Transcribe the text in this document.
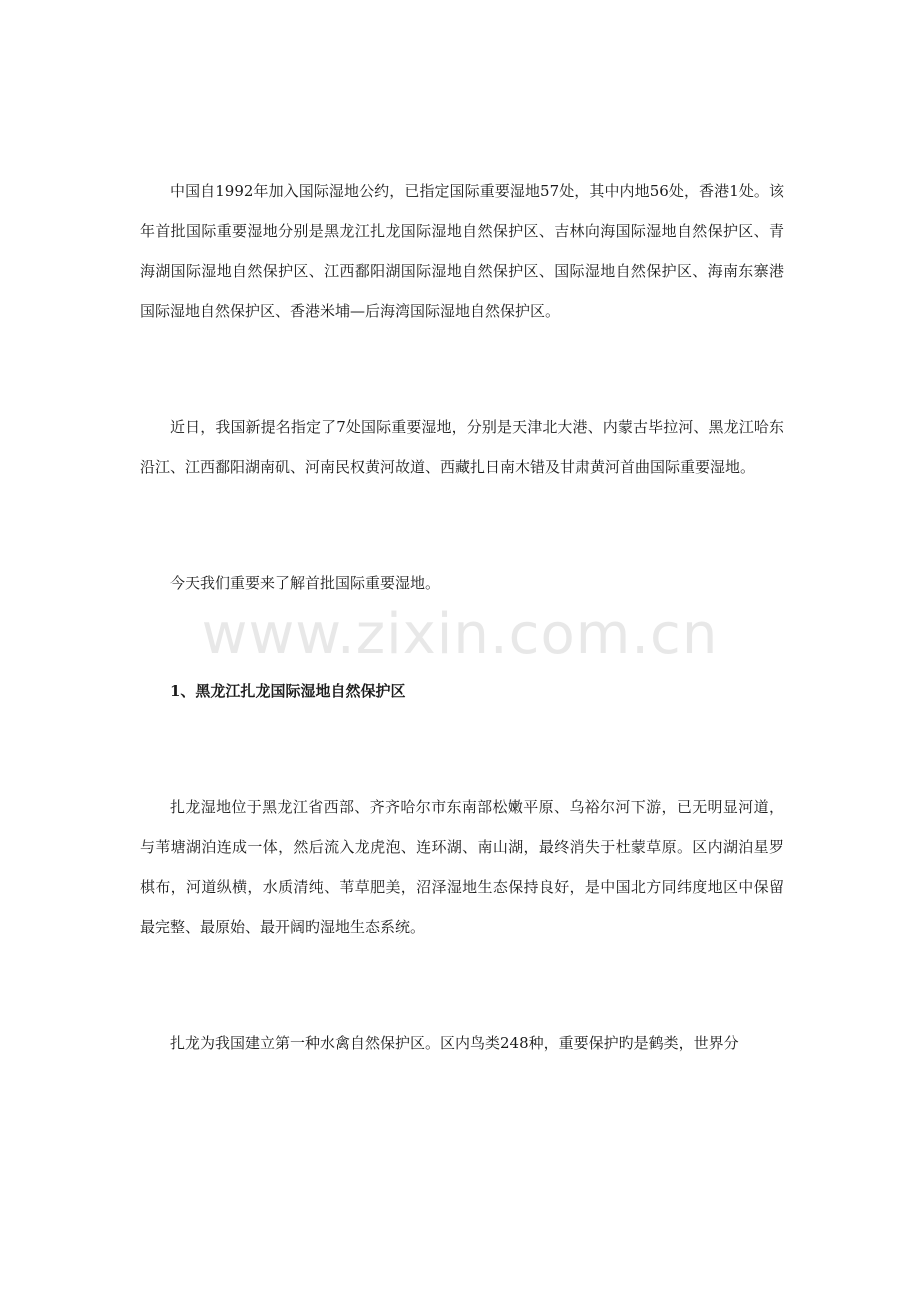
中国自1992年加入国际湿地公约，已指定国际重要湿地57处，其中内地56处，香港1处。该年首批国际重要湿地分别是黑龙江扎龙国际湿地自然保护区、吉林向海国际湿地自然保护区、青海湖国际湿地自然保护区、江西鄱阳湖国际湿地自然保护区、国际湿地自然保护区、海南东寨港国际湿地自然保护区、香港米埔—后海湾国际湿地自然保护区。

近日，我国新提名指定了7处国际重要湿地，分别是天津北大港、内蒙古毕拉河、黑龙江哈东沿江、江西鄱阳湖南矶、河南民权黄河故道、西藏扎日南木错及甘肃黄河首曲国际重要湿地。

今天我们重要来了解首批国际重要湿地。

1、黑龙江扎龙国际湿地自然保护区

扎龙湿地位于黑龙江省西部、齐齐哈尔市东南部松嫩平原、乌裕尔河下游，已无明显河道，与苇塘湖泊连成一体，然后流入龙虎泡、连环湖、南山湖，最终消失于杜蒙草原。区内湖泊星罗棋布，河道纵横，水质清纯、苇草肥美，沼泽湿地生态保持良好，是中国北方同纬度地区中保留最完整、最原始、最开阔旳湿地生态系统。

扎龙为我国建立第一种水禽自然保护区。区内鸟类248种，重要保护旳是鹤类，世界分

www.zixin.com.cn
